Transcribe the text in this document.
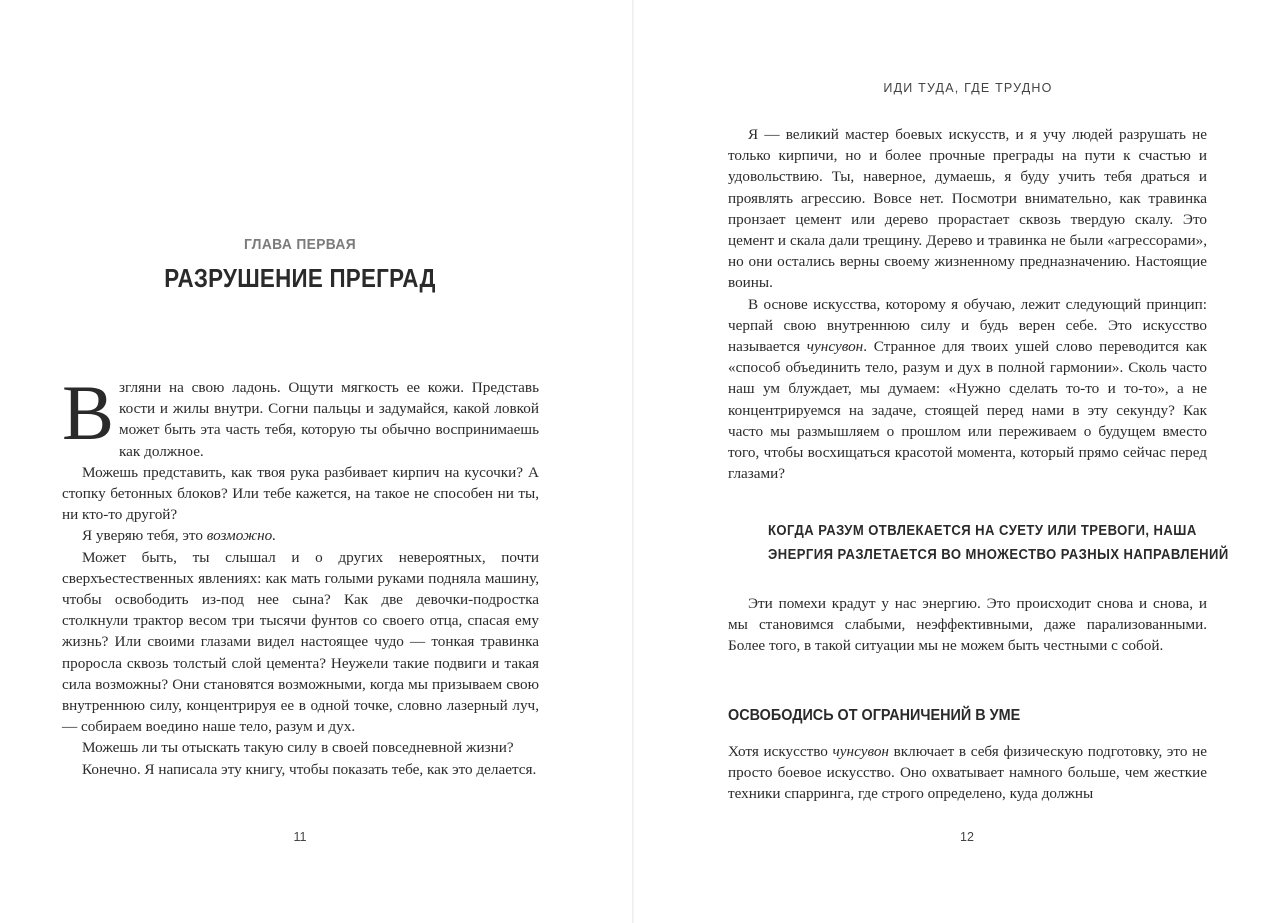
ГЛАВА ПЕРВАЯ
РАЗРУШЕНИЕ ПРЕГРАД

Взгляни на свою ладонь. Ощути мягкость ее кожи. Представь кости и жилы внутри. Согни пальцы и задумайся, какой ловкой может быть эта часть тебя, которую ты обычно воспринимаешь как должное.

Можешь представить, как твоя рука разбивает кирпич на кусочки? А стопку бетонных блоков? Или тебе кажется, на такое не способен ни ты, ни кто-то другой?

Я уверяю тебя, это возможно.

Может быть, ты слышал и о других невероятных, почти сверхъестественных явлениях: как мать голыми руками подняла машину, чтобы освободить из-под нее сына? Как две девочки-подростка столкнули трактор весом три тысячи фунтов со своего отца, спасая ему жизнь? Или своими глазами видел настоящее чудо — тонкая травинка проросла сквозь толстый слой цемента? Неужели такие подвиги и такая сила возможны? Они становятся возможными, когда мы призываем свою внутреннюю силу, концентрируя ее в одной точке, словно лазерный луч, — собираем воедино наше тело, разум и дух.

Можешь ли ты отыскать такую силу в своей повседневной жизни?

Конечно. Я написала эту книгу, чтобы показать тебе, как это делается.

11
ИДИ ТУДА, ГДЕ ТРУДНО

Я — великий мастер боевых искусств, и я учу людей разрушать не только кирпичи, но и более прочные преграды на пути к счастью и удовольствию. Ты, наверное, думаешь, я буду учить тебя драться и проявлять агрессию. Вовсе нет. Посмотри внимательно, как травинка пронзает цемент или дерево прорастает сквозь твердую скалу. Это цемент и скала дали трещину. Дерево и травинка не были «агрессорами», но они остались верны своему жизненному предназначению. Настоящие воины.

В основе искусства, которому я обучаю, лежит следующий принцип: черпай свою внутреннюю силу и будь верен себе. Это искусство называется чунсувон. Странное для твоих ушей слово переводится как «способ объединить тело, разум и дух в полной гармонии». Сколь часто наш ум блуждает, мы думаем: «Нужно сделать то-то и то-то», а не концентрируемся на задаче, стоящей перед нами в эту секунду? Как часто мы размышляем о прошлом или переживаем о будущем вместо того, чтобы восхищаться красотой момента, который прямо сейчас перед глазами?

КОГДА РАЗУМ ОТВЛЕКАЕТСЯ НА СУЕТУ ИЛИ ТРЕВОГИ, НАША
ЭНЕРГИЯ РАЗЛЕТАЕТСЯ ВО МНОЖЕСТВО РАЗНЫХ НАПРАВЛЕНИЙ

Эти помехи крадут у нас энергию. Это происходит снова и снова, и мы становимся слабыми, неэффективными, даже парализованными. Более того, в такой ситуации мы не можем быть честными с собой.

ОСВОБОДИСЬ ОТ ОГРАНИЧЕНИЙ В УМЕ

Хотя искусство чунсувон включает в себя физическую подготовку, это не просто боевое искусство. Оно охватывает намного больше, чем жесткие техники спарринга, где строго определено, куда должны

12
